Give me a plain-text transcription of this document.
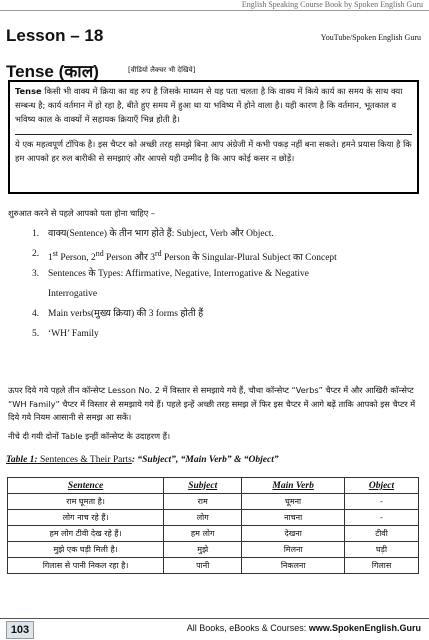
English Speaking Course Book by Spoken English Guru
Lesson – 18	YouTube/Spoken English Guru
Tense (काल)	[वीडियो लैक्चर भी देखिये]

Tense किसी भी वाक्य में क्रिया का वह रुप है जिसके माध्यम से यह पता चलता है कि वाक्य में किये कार्य का समय के साथ क्या सम्बन्ध है; कार्य वर्तमान में हो रहा है, बीते हुए समय में हुआ था या भविष्य में होने वाला है। यही कारण है कि वर्तमान, भूतकाल व भविष्य काल के वाक्यों में सहायक क्रियाएँ भिन्न होती है।

ये एक महत्वपूर्ण टॉपिक है। इस चैप्टर को अच्छी तरह समझे बिना आप अंग्रेजी में कभी पकड़ नहीं बना सकते। हमने प्रयास किया है कि हम आपको हर रुल बारीकी से समझाएं और आपसे यही उम्मीद है कि आप कोई कसर न छोड़ें।

शुरुआत करने से पहले आपको पता होना चाहिए –
1. वाक्य(Sentence) के तीन भाग होते हैं: Subject, Verb और Object.
2. 1st Person, 2nd Person और 3rd Person के Singular-Plural Subject का Concept
3. Sentences के Types: Affirmative, Negative, Interrogative & Negative
Interrogative
4. Main verbs(मुख्य क्रिया) की 3 forms होती हैं
5. ‘WH’ Family
ऊपर दिये गये पहले तीन कॉन्सेप्ट Lesson No. 2 में विस्तार से समझाये गये हैं, चौथा कॉन्सेप्ट “Verbs” चैप्टर में और आखिरी कॉन्सेप्ट “WH Family” चैप्टर में विस्तार से समझाये गये हैं। पहले इन्हें अच्छी तरह समझ लें फिर इस चैप्टर में आगे बढ़ें ताकि आपको इस चैप्टर में दिये गये नियम आसानी से समझ आ सकें।
नीचे दी गयी दोनों Table इन्हीं कॉन्सेप्ट के उदाहरण हैं।
Table 1: Sentences & Their Parts: “Subject”, “Main Verb” & “Object”
Sentence	Subject	Main Verb	Object
राम घूमता है।	राम	घूमना	-
लोग नाच रहे हैं।	लोग	नाचना	-
हम लोग टीवी देख रहे हैं।	हम लोग	देखना	टीवी
मुझे एक घड़ी मिली है।	मुझे	मिलना	घड़ी
गिलास से पानी निकल रहा है।	पानी	निकलना	गिलास
103	All Books, eBooks & Courses: www.SpokenEnglish.Guru
